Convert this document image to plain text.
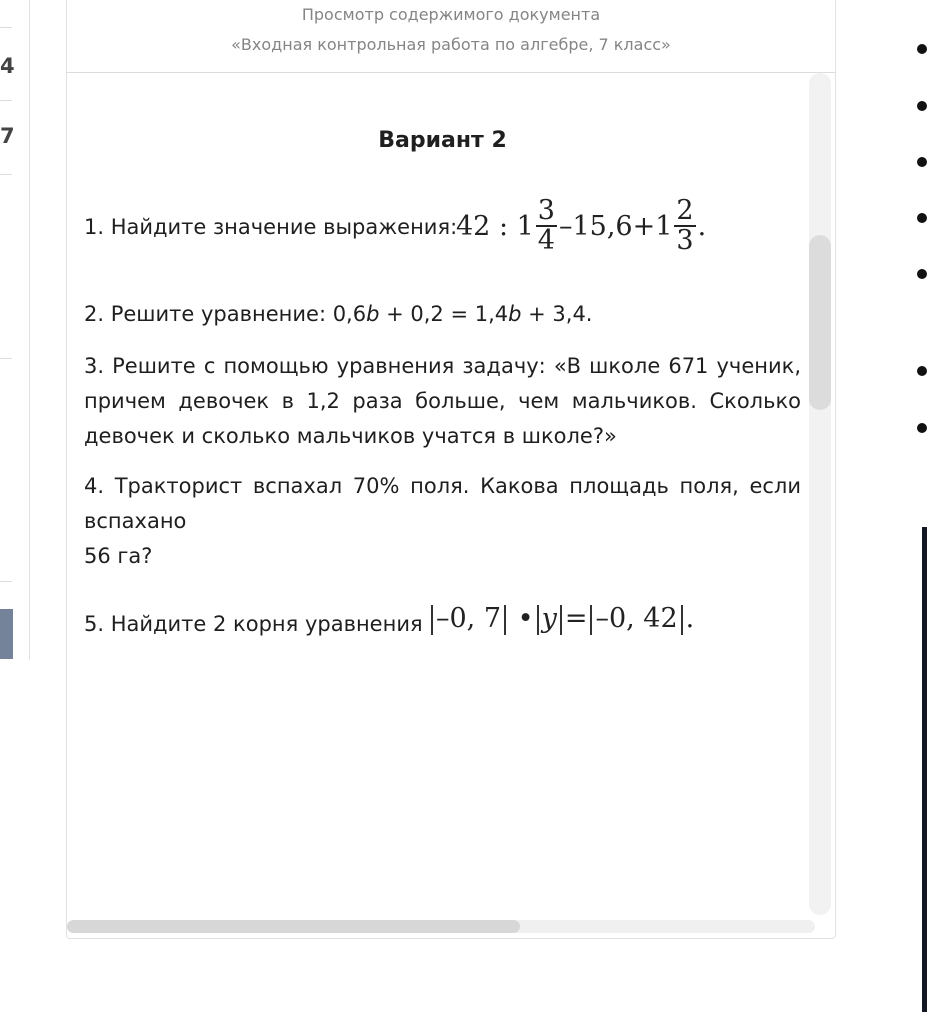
4
7
Просмотр содержимого документа
«Входная контрольная работа по алгебре, 7 класс»
Вариант 2
1. Найдите значение выражения:
42 : $1 \frac{3}{4} -15,6+1 \frac{2}{3}$ .
2. Решите уравнение: 0,6b + 0,2 = 1,4b + 3,4.
3. Решите с помощью уравнения задачу: «В школе 671 ученик, причем девочек в 1,2 раза больше, чем мальчиков. Сколько девочек и сколько мальчиков учатся в школе?»
4. Тракторист вспахал 70% поля. Какова площадь поля, если вспахано
56 га?
5. Найдите 2 корня уравнения –0, 7 • y = –0, 42 .
